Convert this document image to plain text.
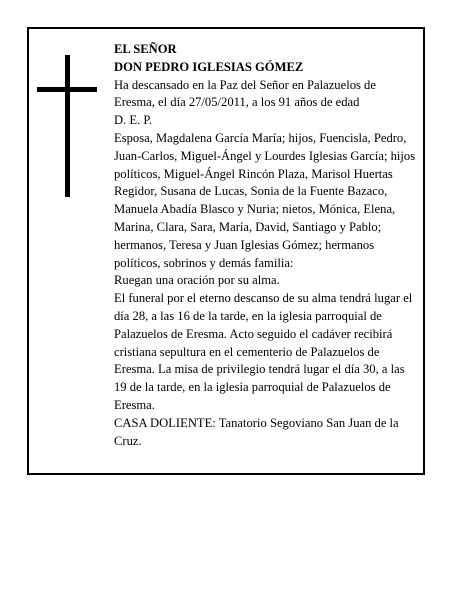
EL SEÑOR

DON PEDRO IGLESIAS GÓMEZ

Ha descansado en la Paz del Señor en Palazuelos de Eresma, el día 27/05/2011, a los 91 años de edad

D. E. P.

Esposa, Magdalena García María; hijos, Fuencisla, Pedro, Juan-Carlos, Miguel-Ángel y Lourdes Iglesias García; hijos políticos, Miguel-Ángel Rincón Plaza, Marisol Huertas Regidor, Susana de Lucas, Sonia de la Fuente Bazaco, Manuela Abadía Blasco y Nuria; nietos, Mónica, Elena, Marina, Clara, Sara, María, David, Santiago y Pablo; hermanos, Teresa y Juan Iglesias Gómez; hermanos políticos, sobrinos y demás familia:

Ruegan una oración por su alma.

El funeral por el eterno descanso de su alma tendrá lugar el día 28, a las 16 de la tarde, en la iglesia parroquial de Palazuelos de Eresma. Acto seguido el cadáver recibirá cristiana sepultura en el cementerio de Palazuelos de Eresma. La misa de privilegio tendrá lugar el día 30, a las 19 de la tarde, en la iglesia parroquial de Palazuelos de Eresma.

CASA DOLIENTE: Tanatorio Segoviano San Juan de la Cruz.
